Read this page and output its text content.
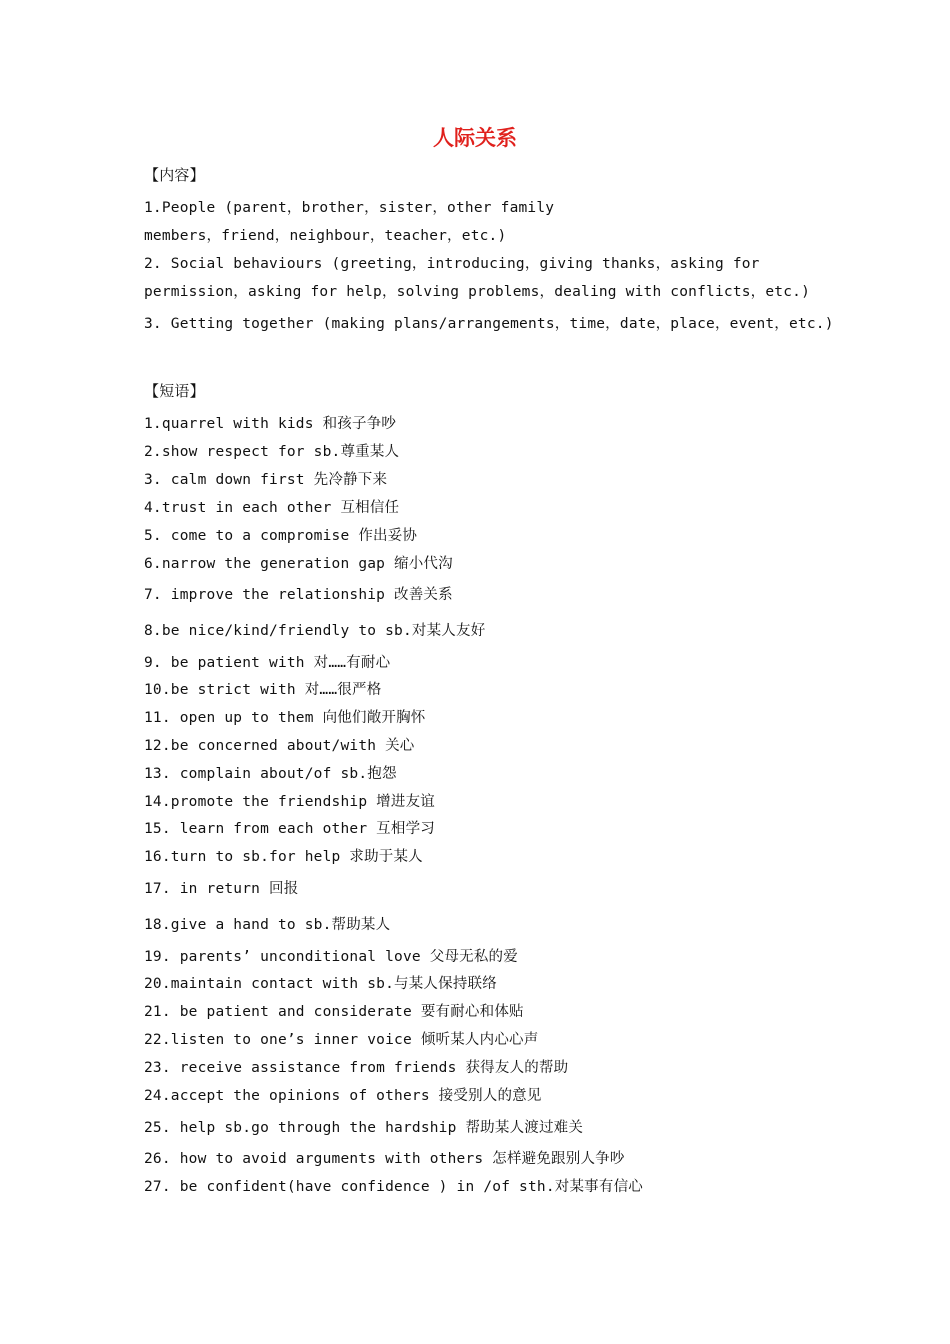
人际关系
【内容】
1.People (parent，brother，sister，other family
members，friend，neighbour，teacher，etc.)
2. Social behaviours (greeting，introducing，giving thanks，asking for
permission，asking for help，solving problems，dealing with conflicts，etc.)
3. Getting together (making plans/arrangements，time，date，place，event，etc.)
【短语】
1.quarrel with kids 和孩子争吵
2.show respect for sb.尊重某人
3. calm down first 先冷静下来
4.trust in each other 互相信任
5. come to a compromise 作出妥协
6.narrow the generation gap 缩小代沟
7. improve the relationship 改善关系
8.be nice/kind/friendly to sb.对某人友好
9. be patient with 对……有耐心
10.be strict with 对……很严格
11. open up to them 向他们敞开胸怀
12.be concerned about/with 关心
13. complain about/of sb.抱怨
14.promote the friendship 增进友谊
15. learn from each other 互相学习
16.turn to sb.for help 求助于某人
17. in return 回报
18.give a hand to sb.帮助某人
19. parents’ unconditional love 父母无私的爱
20.maintain contact with sb.与某人保持联络
21. be patient and considerate 要有耐心和体贴
22.listen to one’s inner voice 倾听某人内心心声
23. receive assistance from friends 获得友人的帮助
24.accept the opinions of others 接受别人的意见
25. help sb.go through the hardship 帮助某人渡过难关
26. how to avoid arguments with others 怎样避免跟别人争吵
27. be confident(have confidence ) in /of sth.对某事有信心
